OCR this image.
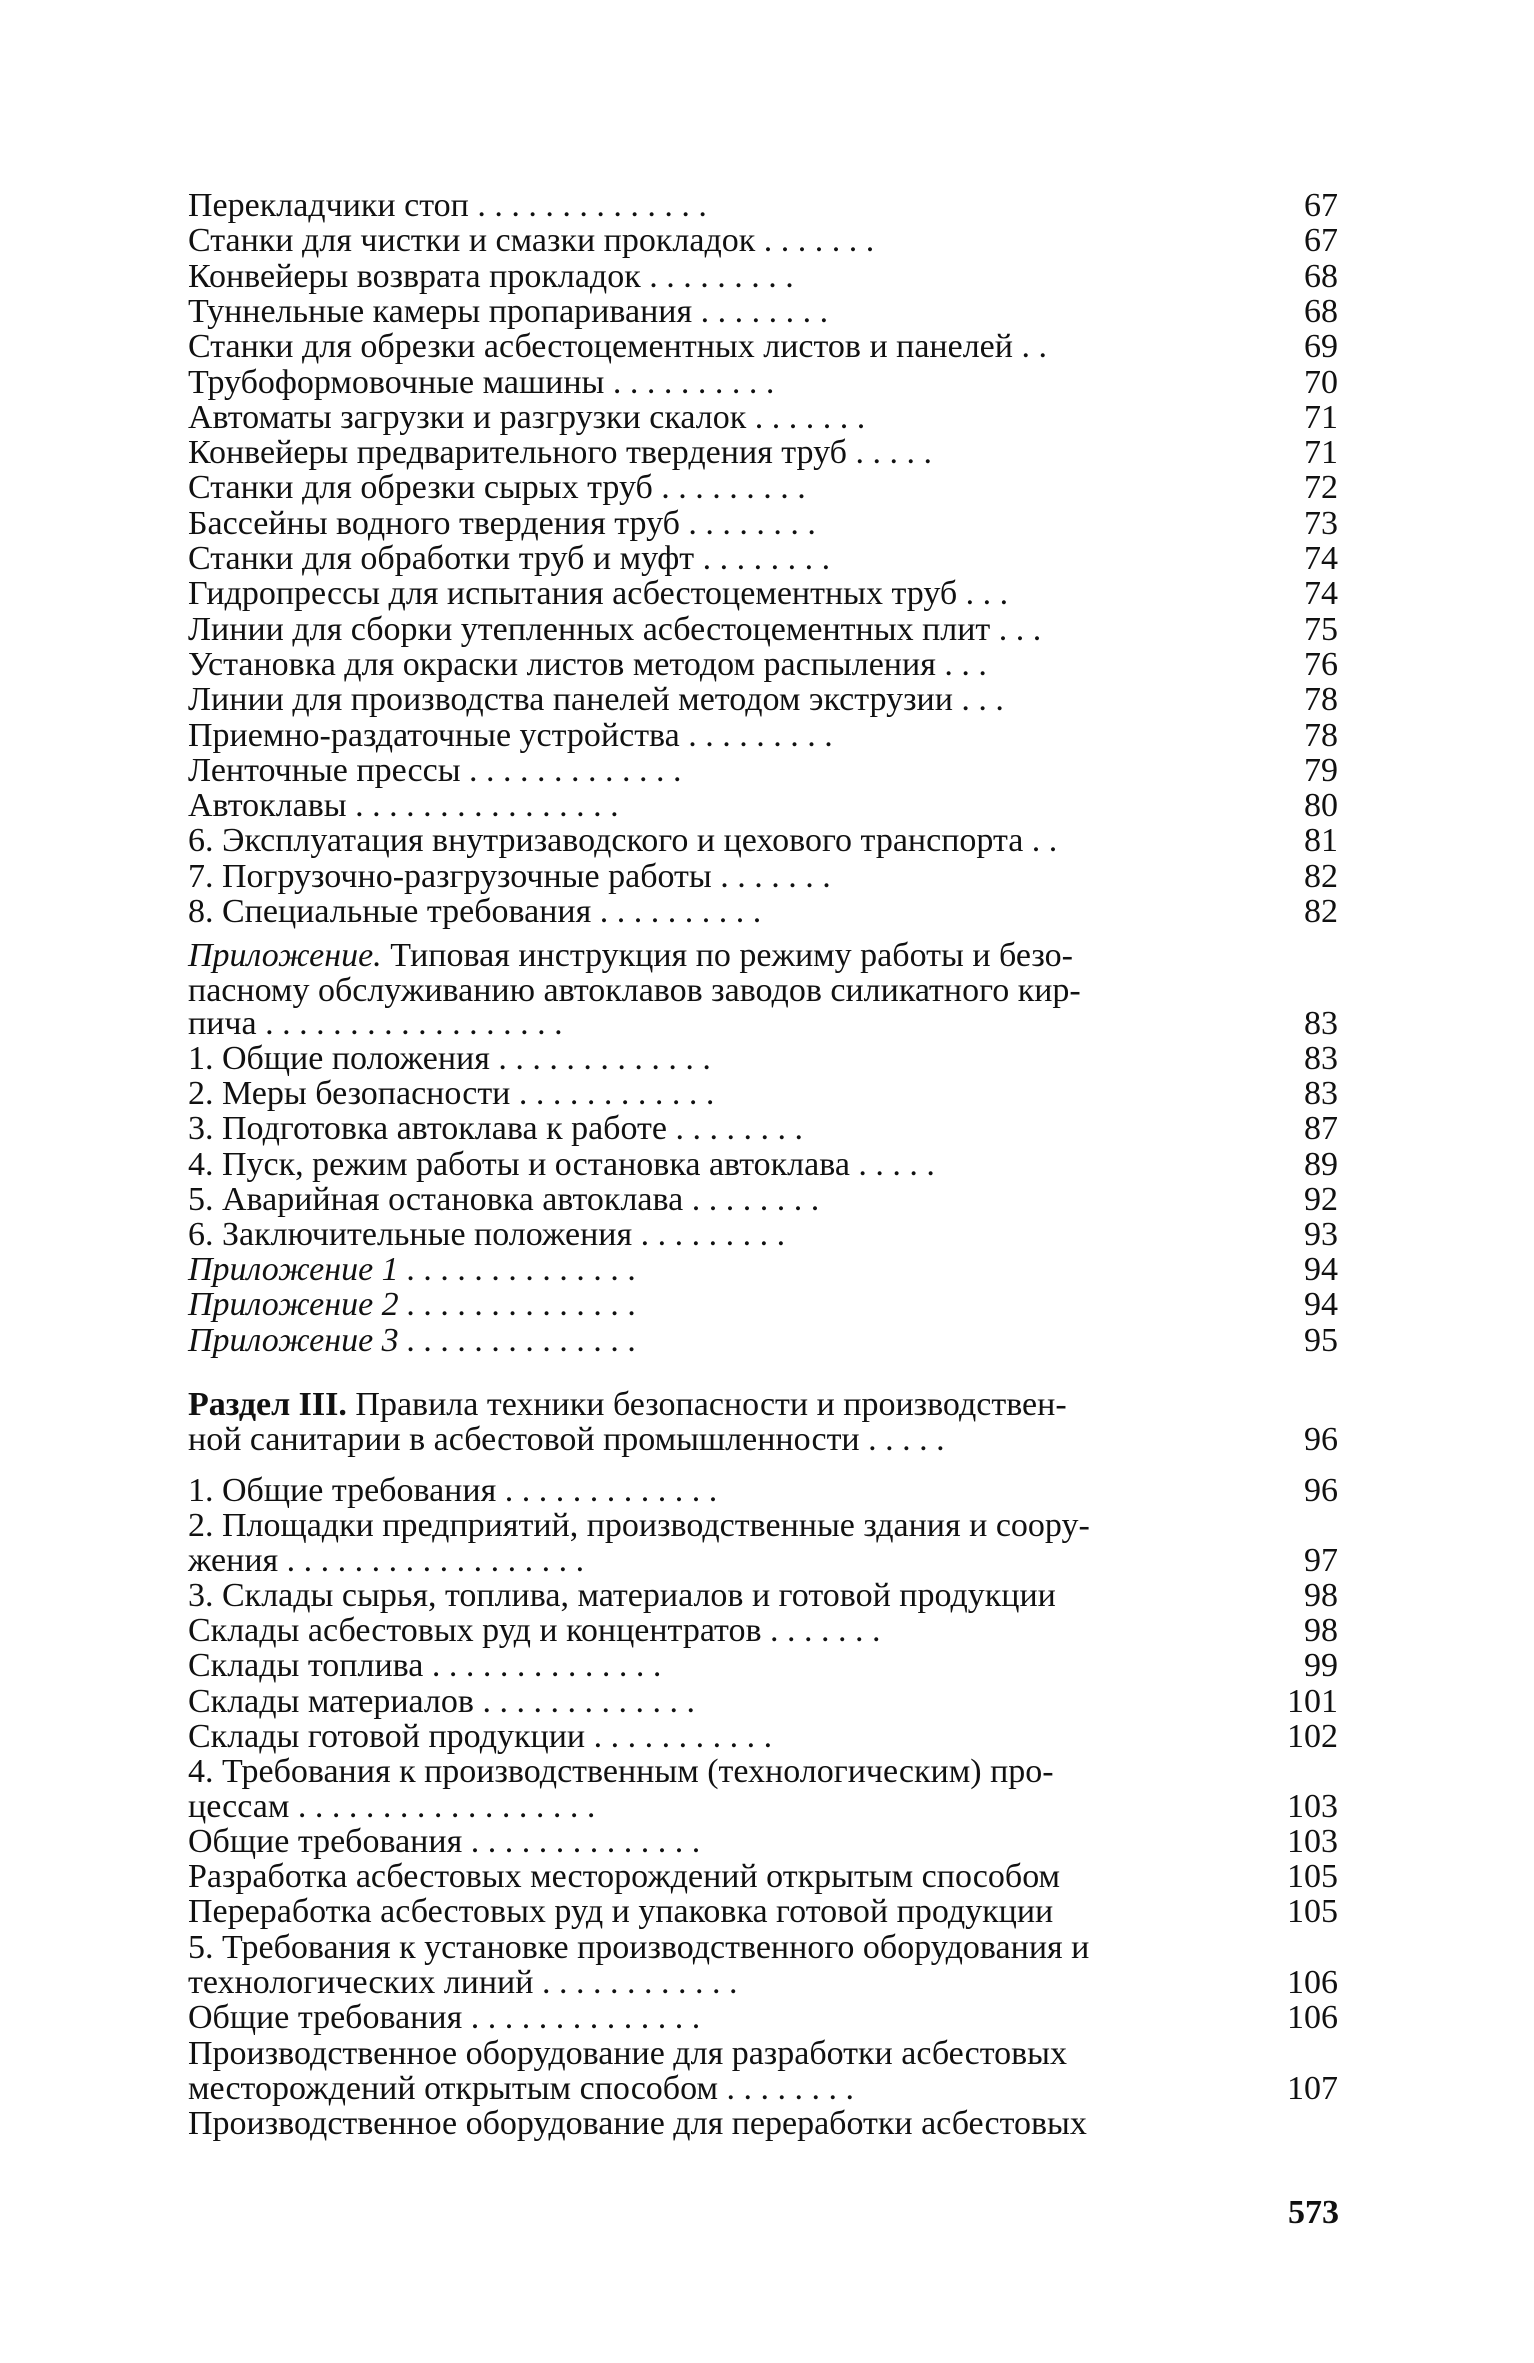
Перекладчики стоп . . . . . . . . . . . . . .	67
Станки для чистки и смазки прокладок . . . . . . .	67
Конвейеры возврата прокладок . . . . . . . . .	68
Туннельные камеры пропаривания . . . . . . . .	68
Станки для обрезки асбестоцементных листов и панелей . .	69
Трубоформовочные машины . . . . . . . . . .	70
Автоматы загрузки и разгрузки скалок . . . . . . .	71
Конвейеры предварительного твердения труб . . . . .	71
Станки для обрезки сырых труб . . . . . . . . .	72
Бассейны водного твердения труб . . . . . . . .	73
Станки для обработки труб и муфт . . . . . . . .	74
Гидропрессы для испытания асбестоцементных труб . . .	74
Линии для сборки утепленных асбестоцементных плит . . .	75
Установка для окраски листов методом распыления . . .	76
Линии для производства панелей методом экструзии . . .	78
Приемно-раздаточные устройства . . . . . . . . .	78
Ленточные прессы . . . . . . . . . . . . .	79
Автоклавы . . . . . . . . . . . . . . . .	80
6. Эксплуатация внутризаводского и цехового транспорта . .	81
7. Погрузочно-разгрузочные работы . . . . . . .	82
8. Специальные требования . . . . . . . . . .	82
Приложение. Типовая инструкция по режиму работы и безо-
пасному обслуживанию автоклавов заводов силикатного кир-
пича . . . . . . . . . . . . . . . . . .	83
1. Общие положения . . . . . . . . . . . . .	83
2. Меры безопасности . . . . . . . . . . . .	83
3. Подготовка автоклава к работе . . . . . . . .	87
4. Пуск, режим работы и остановка автоклава . . . . .	89
5. Аварийная остановка автоклава . . . . . . . .	92
6. Заключительные положения . . . . . . . . .	93
Приложение 1 . . . . . . . . . . . . . .	94
Приложение 2 . . . . . . . . . . . . . .	94
Приложение 3 . . . . . . . . . . . . . .	95
Раздел III. Правила техники безопасности и производствен-
ной санитарии в асбестовой промышленности . . . . .	96
1. Общие требования . . . . . . . . . . . . .	96
2. Площадки предприятий, производственные здания и соору-
жения . . . . . . . . . . . . . . . . . .	97
3. Склады сырья, топлива, материалов и готовой продукции	98
Склады асбестовых руд и концентратов . . . . . . .	98
Склады топлива . . . . . . . . . . . . . .	99
Склады материалов . . . . . . . . . . . . .	101
Склады готовой продукции . . . . . . . . . . .	102
4. Требования к производственным (технологическим) про-
цессам . . . . . . . . . . . . . . . . . .	103
Общие требования . . . . . . . . . . . . . .	103
Разработка асбестовых месторождений открытым способом	105
Переработка асбестовых руд и упаковка готовой продукции	105
5. Требования к установке производственного оборудования и
технологических линий . . . . . . . . . . . .	106
Общие требования . . . . . . . . . . . . . .	106
Производственное оборудование для разработки асбестовых
месторождений открытым способом . . . . . . . .	107
Производственное оборудование для переработки асбестовых
573
